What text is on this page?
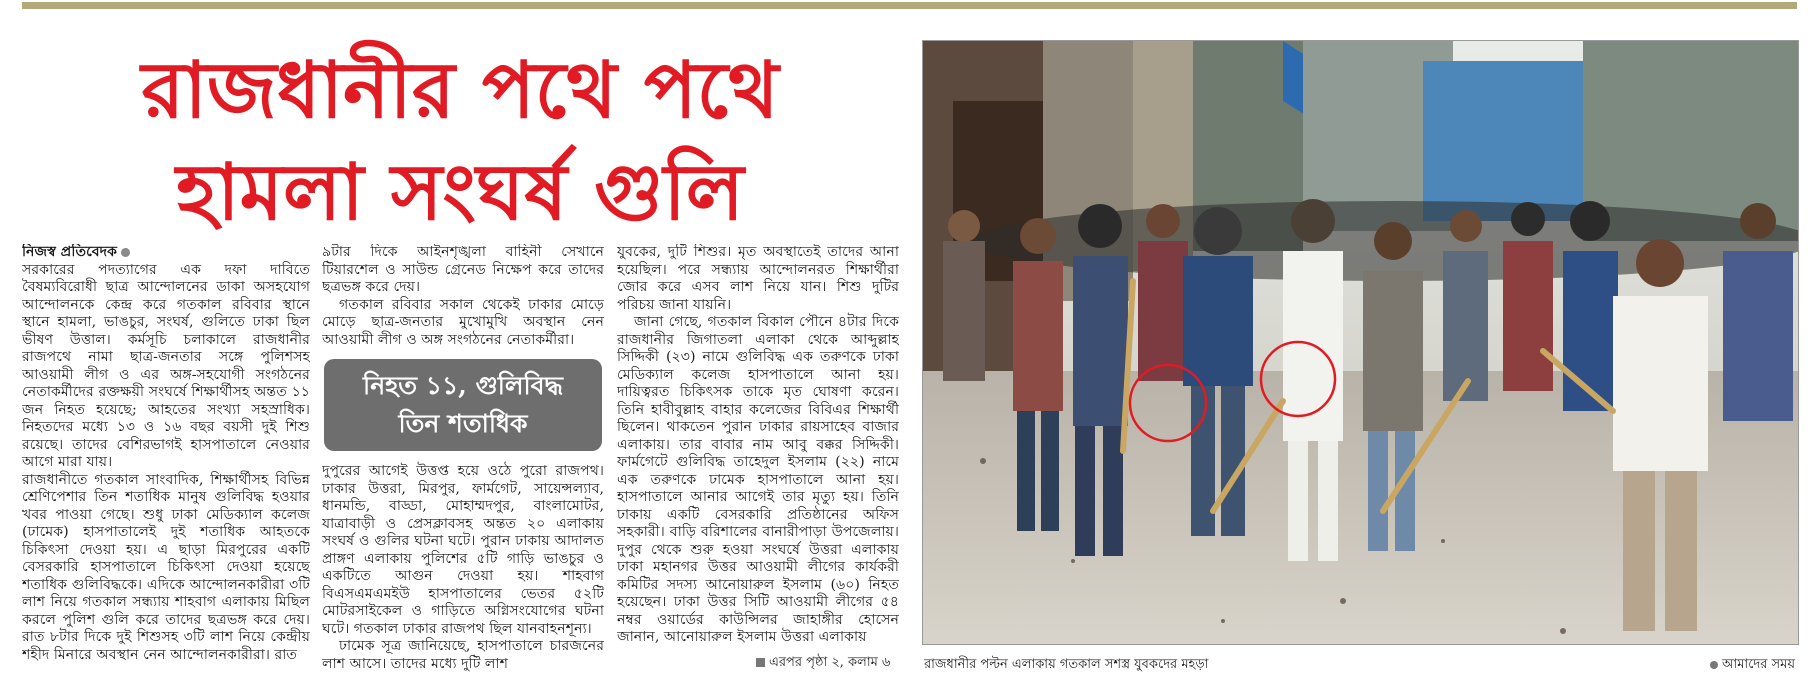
রাজধানীর পথে পথে
হামলা সংঘর্ষ গুলি

নিজস্ব প্রতিবেদক

সরকারের পদত্যাগের এক দফা দাবিতে বৈষম্যবিরোধী ছাত্র আন্দোলনের ডাকা অসহযোগ আন্দোলনকে কেন্দ্র করে গতকাল রবিবার স্থানে স্থানে হামলা, ভাঙচুর, সংঘর্ষ, গুলিতে ঢাকা ছিল ভীষণ উত্তাল। কর্মসূচি চলাকালে রাজধানীর রাজপথে নামা ছাত্র-জনতার সঙ্গে পুলিশসহ আওয়ামী লীগ ও এর অঙ্গ-সহযোগী সংগঠনের নেতাকর্মীদের রক্তক্ষয়ী সংঘর্ষে শিক্ষার্থীসহ অন্তত ১১ জন নিহত হয়েছে; আহতের সংখ্যা সহস্রাধিক। নিহতদের মধ্যে ১৩ ও ১৬ বছর বয়সী দুই শিশু রয়েছে। তাদের বেশিরভাগই হাসপাতালে নেওয়ার আগে মারা যায়।

রাজধানীতে গতকাল সাংবাদিক, শিক্ষার্থীসহ বিভিন্ন শ্রেণিপেশার তিন শতাধিক মানুষ গুলিবিদ্ধ হওয়ার খবর পাওয়া গেছে। শুধু ঢাকা মেডিক্যাল কলেজ (ঢামেক) হাসপাতালেই দুই শতাধিক আহতকে চিকিৎসা দেওয়া হয়। এ ছাড়া মিরপুরের একটি বেসরকারি হাসপাতালে চিকিৎসা দেওয়া হয়েছে শতাধিক গুলিবিদ্ধকে। এদিকে আন্দোলনকারীরা ৩টি লাশ নিয়ে গতকাল সন্ধ্যায় শাহবাগ এলাকায় মিছিল করলে পুলিশ গুলি করে তাদের ছত্রভঙ্গ করে দেয়। রাত ৮টার দিকে দুই শিশুসহ ৩টি লাশ নিয়ে কেন্দ্রীয় শহীদ মিনারে অবস্থান নেন আন্দোলনকারীরা। রাত

৯টার দিকে আইনশৃঙ্খলা বাহিনী সেখানে টিয়ারশেল ও সাউন্ড গ্রেনেড নিক্ষেপ করে তাদের ছত্রভঙ্গ করে দেয়।

গতকাল রবিবার সকাল থেকেই ঢাকার মোড়ে মোড়ে ছাত্র-জনতার মুখোমুখি অবস্থান নেন আওয়ামী লীগ ও অঙ্গ সংগঠনের নেতাকর্মীরা।

নিহত ১১, গুলিবিদ্ধ
তিন শতাধিক

দুপুরের আগেই উত্তপ্ত হয়ে ওঠে পুরো রাজপথ। ঢাকার উত্তরা, মিরপুর, ফার্মগেট, সায়েন্সল্যাব, ধানমন্ডি, বাড্ডা, মোহাম্মদপুর, বাংলামোটর, যাত্রাবাড়ী ও প্রেসক্লাবসহ অন্তত ২০ এলাকায় সংঘর্ষ ও গুলির ঘটনা ঘটে। পুরান ঢাকায় আদালত প্রাঙ্গণ এলাকায় পুলিশের ৫টি গাড়ি ভাঙচুর ও একটিতে আগুন দেওয়া হয়। শাহবাগ বিএসএমএমইউ হাসপাতালের ভেতর ৫২টি মোটরসাইকেল ও গাড়িতে অগ্নিসংযোগের ঘটনা ঘটে। গতকাল ঢাকার রাজপথ ছিল যানবাহনশূন্য।

ঢামেক সূত্র জানিয়েছে, হাসপাতালে চারজনের লাশ আসে। তাদের মধ্যে দুটি লাশ

যুবকের, দুটি শিশুর। মৃত অবস্থাতেই তাদের আনা হয়েছিল। পরে সন্ধ্যায় আন্দোলনরত শিক্ষার্থীরা জোর করে এসব লাশ নিয়ে যান। শিশু দুটির পরিচয় জানা যায়নি।

জানা গেছে, গতকাল বিকাল পৌনে ৪টার দিকে রাজধানীর জিগাতলা এলাকা থেকে আব্দুল্লাহ সিদ্দিকী (২৩) নামে গুলিবিদ্ধ এক তরুণকে ঢাকা মেডিক্যাল কলেজ হাসপাতালে আনা হয়। দায়িত্বরত চিকিৎসক তাকে মৃত ঘোষণা করেন। তিনি হাবীবুল্লাহ বাহার কলেজের বিবিএর শিক্ষার্থী ছিলেন। থাকতেন পুরান ঢাকার রায়সাহেব বাজার এলাকায়। তার বাবার নাম আবু বক্কর সিদ্দিকী। ফার্মগেটে গুলিবিদ্ধ তাহেদুল ইসলাম (২২) নামে এক তরুণকে ঢামেক হাসপাতালে আনা হয়। হাসপাতালে আনার আগেই তার মৃত্যু হয়। তিনি ঢাকায় একটি বেসরকারি প্রতিষ্ঠানের অফিস সহকারী। বাড়ি বরিশালের বানারীপাড়া উপজেলায়। দুপুর থেকে শুরু হওয়া সংঘর্ষে উত্তরা এলাকায় ঢাকা মহানগর উত্তর আওয়ামী লীগের কার্যকরী কমিটির সদস্য আনোয়ারুল ইসলাম (৬০) নিহত হয়েছেন। ঢাকা উত্তর সিটি আওয়ামী লীগের ৫৪ নম্বর ওয়ার্ডের কাউন্সিলর জাহাঙ্গীর হোসেন জানান, আনোয়ারুল ইসলাম উত্তরা এলাকায়

এরপর পৃষ্ঠা ২, কলাম ৬	রাজধানীর পল্টন এলাকায় গতকাল সশস্ত্র যুবকদের মহড়া	আমাদের সময়
